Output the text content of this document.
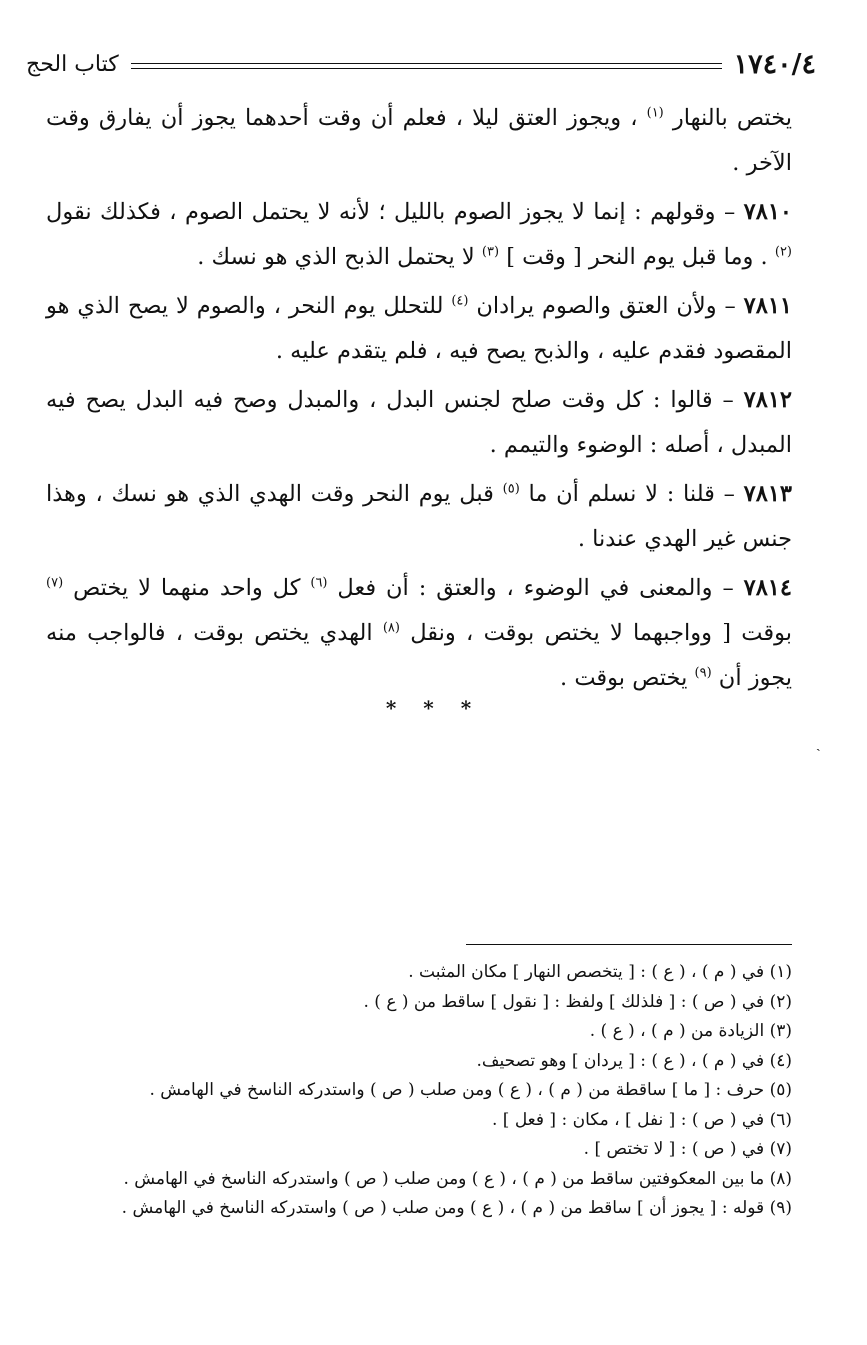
١٧٤٠/٤
كتاب الحج

يختص بالنهار $^{(١)}$ ، ويجوز العتق ليلا ، فعلم أن وقت أحدهما يجوز أن يفارق وقت الآخر .

٧٨١٠ – وقولهم : إنما لا يجوز الصوم بالليل ؛ لأنه لا يحتمل الصوم ، فكذلك نقول $^{(٢)}$ . وما قبل يوم النحر [ وقت ] $^{(٣)}$ لا يحتمل الذبح الذي هو نسك .

٧٨١١ – ولأن العتق والصوم يرادان $^{(٤)}$ للتحلل يوم النحر ، والصوم لا يصح الذي هو المقصود فقدم عليه ، والذبح يصح فيه ، فلم يتقدم عليه .

٧٨١٢ – قالوا : كل وقت صلح لجنس البدل ، والمبدل وصح فيه البدل يصح فيه المبدل ، أصله : الوضوء والتيمم .

٧٨١٣ – قلنا : لا نسلم أن ما $^{(٥)}$ قبل يوم النحر وقت الهدي الذي هو نسك ، وهذا جنس غير الهدي عندنا .

٧٨١٤ – والمعنى في الوضوء ، والعتق : أن فعل $^{(٦)}$ كل واحد منهما لا يختص $^{(٧)}$ بوقت [ وواجبهما لا يختص بوقت ، ونقل $^{(٨)}$ الهدي يختص بوقت ، فالواجب منه يجوز أن $^{(٩)}$ يختص بوقت .

* * *
ˏ
(١) في ( م ) ، ( ع ) : [ يتخصص النهار ] مكان المثبت .
(٢) في ( ص ) : [ فلذلك ] ولفظ : [ نقول ] ساقط من ( ع ) .
(٣) الزيادة من ( م ) ، ( ع ) .
(٤) في ( م ) ، ( ع ) : [ يردان ] وهو تصحيف.
(٥) حرف : [ ما ] ساقطة من ( م ) ، ( ع ) ومن صلب ( ص ) واستدركه الناسخ في الهامش .
(٦) في ( ص ) : [ نفل ] ، مكان : [ فعل ] .
(٧) في ( ص ) : [ لا تختص ] .
(٨) ما بين المعكوفتين ساقط من ( م ) ، ( ع ) ومن صلب ( ص ) واستدركه الناسخ في الهامش .
(٩) قوله : [ يجوز أن ] ساقط من ( م ) ، ( ع ) ومن صلب ( ص ) واستدركه الناسخ في الهامش .
